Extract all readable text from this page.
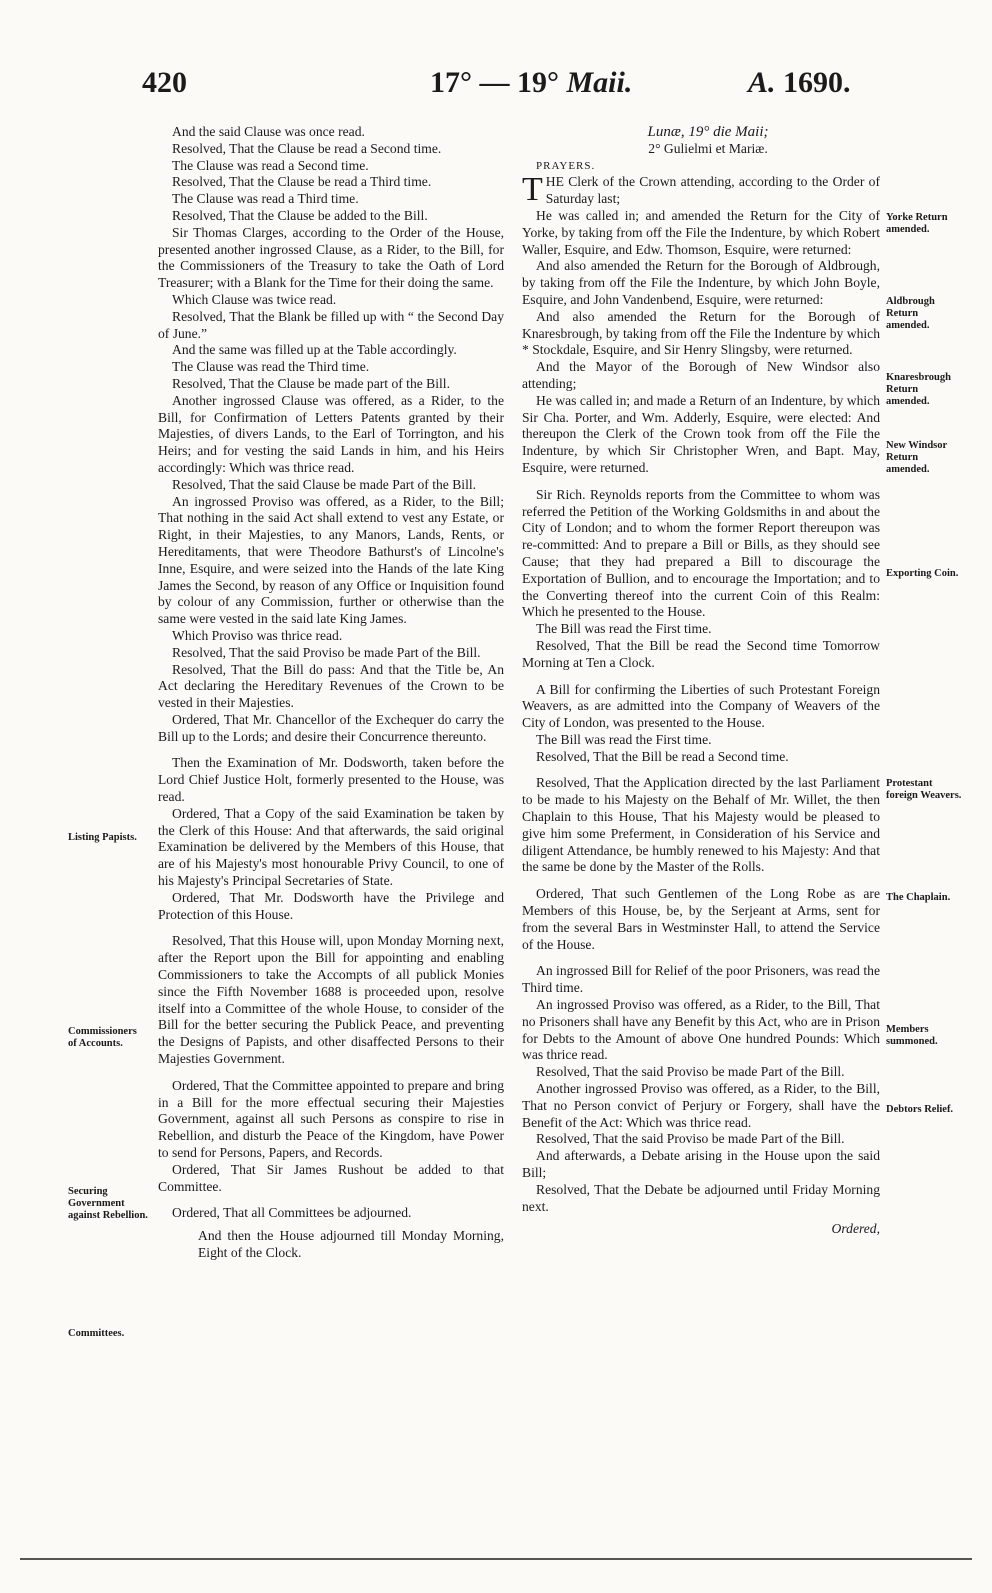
420	17° — 19° Maii.	A. 1690.
Listing Papists.
Commissioners of Accounts.
Securing Government against Rebellion.
Committees.
Yorke Return amended.
Aldbrough Return amended.
Knaresbrough Return amended.
New Windsor Return amended.
Exporting Coin.
Protestant foreign Weavers.
The Chaplain.
Members summoned.
Debtors Relief.

And the said Clause was once read.

Resolved, That the Clause be read a Second time.

The Clause was read a Second time.

Resolved, That the Clause be read a Third time.

The Clause was read a Third time.

Resolved, That the Clause be added to the Bill.

Sir Thomas Clarges, according to the Order of the House, presented another ingrossed Clause, as a Rider, to the Bill, for the Commissioners of the Treasury to take the Oath of Lord Treasurer; with a Blank for the Time for their doing the same.

Which Clause was twice read.

Resolved, That the Blank be filled up with “ the Second Day of June.”

And the same was filled up at the Table accordingly.

The Clause was read the Third time.

Resolved, That the Clause be made part of the Bill.

Another ingrossed Clause was offered, as a Rider, to the Bill, for Confirmation of Letters Patents granted by their Majesties, of divers Lands, to the Earl of Torrington, and his Heirs; and for vesting the said Lands in him, and his Heirs accordingly: Which was thrice read.

Resolved, That the said Clause be made Part of the Bill.

An ingrossed Proviso was offered, as a Rider, to the Bill; That nothing in the said Act shall extend to vest any Estate, or Right, in their Majesties, to any Manors, Lands, Rents, or Hereditaments, that were Theodore Bathurst's of Lincolne's Inne, Esquire, and were seized into the Hands of the late King James the Second, by reason of any Office or Inquisition found by colour of any Commission, further or otherwise than the same were vested in the said late King James.

Which Proviso was thrice read.

Resolved, That the said Proviso be made Part of the Bill.

Resolved, That the Bill do pass: And that the Title be, An Act declaring the Hereditary Revenues of the Crown to be vested in their Majesties.

Ordered, That Mr. Chancellor of the Exchequer do carry the Bill up to the Lords; and desire their Concurrence thereunto.

Then the Examination of Mr. Dodsworth, taken before the Lord Chief Justice Holt, formerly presented to the House, was read.

Ordered, That a Copy of the said Examination be taken by the Clerk of this House: And that afterwards, the said original Examination be delivered by the Members of this House, that are of his Majesty's most honourable Privy Council, to one of his Majesty's Principal Secretaries of State.

Ordered, That Mr. Dodsworth have the Privilege and Protection of this House.

Resolved, That this House will, upon Monday Morning next, after the Report upon the Bill for appointing and enabling Commissioners to take the Accompts of all publick Monies since the Fifth November 1688 is proceeded upon, resolve itself into a Committee of the whole House, to consider of the Bill for the better securing the Publick Peace, and preventing the Designs of Papists, and other disaffected Persons to their Majesties Government.

Ordered, That the Committee appointed to prepare and bring in a Bill for the more effectual securing their Majesties Government, against all such Persons as conspire to rise in Rebellion, and disturb the Peace of the Kingdom, have Power to send for Persons, Papers, and Records.

Ordered, That Sir James Rushout be added to that Committee.

Ordered, That all Committees be adjourned.

And then the House adjourned till Monday Morning, Eight of the Clock.

Lunæ, 19° die Maii;

2° Gulielmi et Mariæ.

PRAYERS.

THE Clerk of the Crown attending, according to the Order of Saturday last;

He was called in; and amended the Return for the City of Yorke, by taking from off the File the Indenture, by which Robert Waller, Esquire, and Edw. Thomson, Esquire, were returned:

And also amended the Return for the Borough of Aldbrough, by taking from off the File the Indenture, by which John Boyle, Esquire, and John Vandenbend, Esquire, were returned:

And also amended the Return for the Borough of Knaresbrough, by taking from off the File the Indenture by which * Stockdale, Esquire, and Sir Henry Slingsby, were returned.

And the Mayor of the Borough of New Windsor also attending;

He was called in; and made a Return of an Indenture, by which Sir Cha. Porter, and Wm. Adderly, Esquire, were elected: And thereupon the Clerk of the Crown took from off the File the Indenture, by which Sir Christopher Wren, and Bapt. May, Esquire, were returned.

Sir Rich. Reynolds reports from the Committee to whom was referred the Petition of the Working Goldsmiths in and about the City of London; and to whom the former Report thereupon was re-committed: And to prepare a Bill or Bills, as they should see Cause; that they had prepared a Bill to discourage the Exportation of Bullion, and to encourage the Importation; and to the Converting thereof into the current Coin of this Realm: Which he presented to the House.

The Bill was read the First time.

Resolved, That the Bill be read the Second time Tomorrow Morning at Ten a Clock.

A Bill for confirming the Liberties of such Protestant Foreign Weavers, as are admitted into the Company of Weavers of the City of London, was presented to the House.

The Bill was read the First time.

Resolved, That the Bill be read a Second time.

Resolved, That the Application directed by the last Parliament to be made to his Majesty on the Behalf of Mr. Willet, the then Chaplain to this House, That his Majesty would be pleased to give him some Preferment, in Consideration of his Service and diligent Attendance, be humbly renewed to his Majesty: And that the same be done by the Master of the Rolls.

Ordered, That such Gentlemen of the Long Robe as are Members of this House, be, by the Serjeant at Arms, sent for from the several Bars in Westminster Hall, to attend the Service of the House.

An ingrossed Bill for Relief of the poor Prisoners, was read the Third time.

An ingrossed Proviso was offered, as a Rider, to the Bill, That no Prisoners shall have any Benefit by this Act, who are in Prison for Debts to the Amount of above One hundred Pounds: Which was thrice read.

Resolved, That the said Proviso be made Part of the Bill.

Another ingrossed Proviso was offered, as a Rider, to the Bill, That no Person convict of Perjury or Forgery, shall have the Benefit of the Act: Which was thrice read.

Resolved, That the said Proviso be made Part of the Bill.

And afterwards, a Debate arising in the House upon the said Bill;

Resolved, That the Debate be adjourned until Friday Morning next.

Ordered,
